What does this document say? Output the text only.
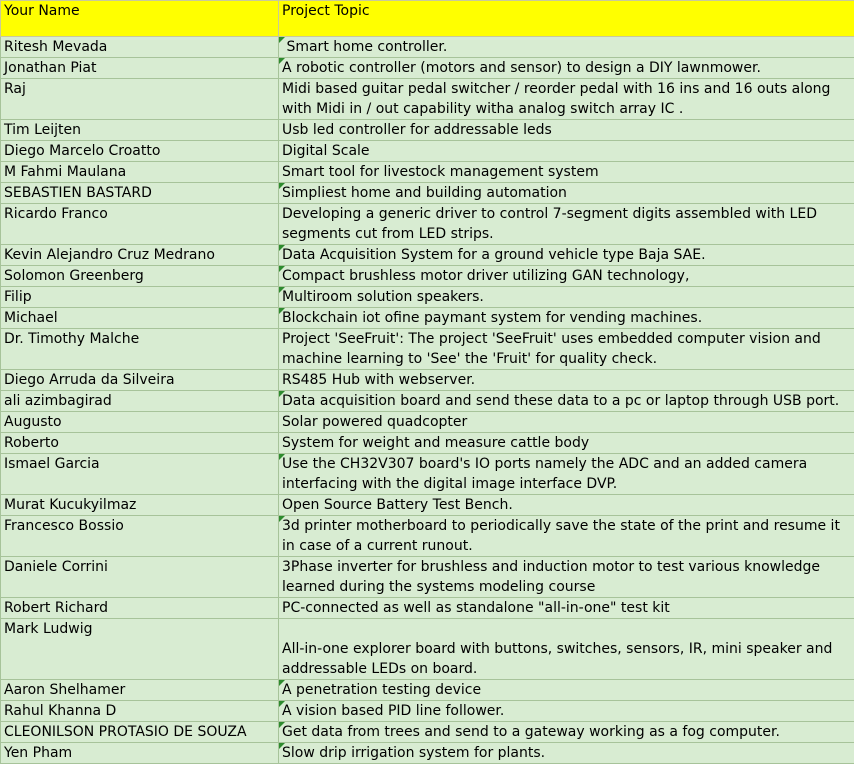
Your Name	Project Topic
Ritesh Mevada	Smart home controller.
Jonathan Piat	A robotic controller (motors and sensor) to design a DIY lawnmower.
Raj	Midi based guitar pedal switcher / reorder pedal with 16 ins and 16 outs along with Midi in / out capability witha analog switch array IC .
Tim Leijten	Usb led controller for addressable leds
Diego Marcelo Croatto	Digital Scale
M Fahmi Maulana	Smart tool for livestock management system
SEBASTIEN BASTARD	Simpliest home and building automation
Ricardo Franco	Developing a generic driver to control 7-segment digits assembled with LED segments cut from LED strips.
Kevin Alejandro Cruz Medrano	Data Acquisition System for a ground vehicle type Baja SAE.
Solomon Greenberg	Compact brushless motor driver utilizing GAN technology,
Filip	Multiroom solution speakers.
Michael	Blockchain iot ofine paymant system for vending machines.
Dr. Timothy Malche	Project 'SeeFruit': The project 'SeeFruit' uses embedded computer vision and machine learning to 'See' the 'Fruit' for quality check.
Diego Arruda da Silveira	RS485 Hub with webserver.
ali azimbagirad	Data acquisition board and send these data to a pc or laptop through USB port.
Augusto	Solar powered quadcopter
Roberto	System for weight and measure cattle body
Ismael Garcia	Use the CH32V307 board's IO ports namely the ADC and an added camera interfacing with the digital image interface DVP.
Murat Kucukyilmaz	Open Source Battery Test Bench.
Francesco Bossio	3d printer motherboard to periodically save the state of the print and resume it in case of a current runout.
Daniele Corrini	3Phase inverter for brushless and induction motor to test various knowledge learned during the systems modeling course
Robert Richard	PC-connected as well as standalone "all-in-one" test kit
Mark Ludwig	All-in-one explorer board with buttons, switches, sensors, IR, mini speaker and addressable LEDs on board.
Aaron Shelhamer	A penetration testing device
Rahul Khanna D	A vision based PID line follower.
CLEONILSON PROTASIO DE SOUZA	Get data from trees and send to a gateway working as a fog computer.
Yen Pham	Slow drip irrigation system for plants.
